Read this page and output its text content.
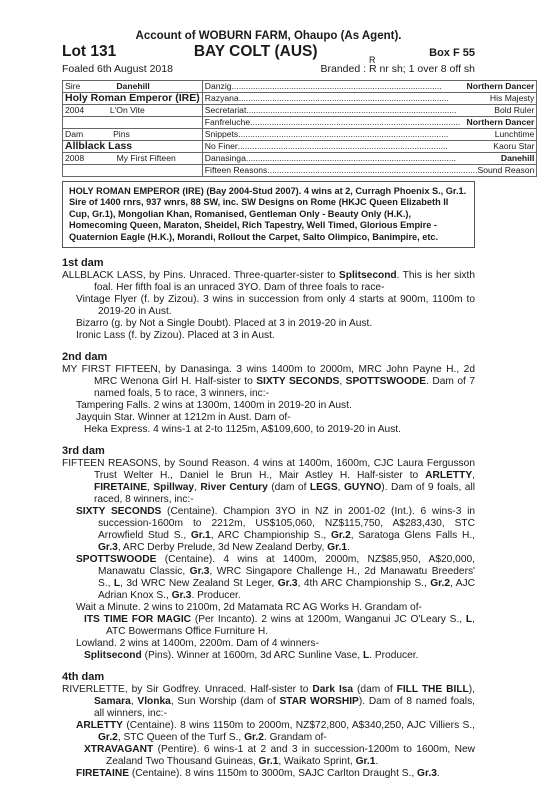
Account of WOBURN FARM, Ohaupo (As Agent).
Lot 131	BAY COLT (AUS)	Box F 55
Foaled 6th August 2018	Branded :
R
R nr sh; 1 over 8 off sh
Sire Danehill	Danzig ..... Northern Dancer

Holy Roman Emperor (IRE)	Razyana ..... His Majesty

2004 L'On Vite	Secretariat ..... Bold Ruler

	Fanfreluche ..... Northern Dancer

Dam Pins	Snippets ..... Lunchtime

Allblack Lass	No Finer ..... Kaoru Star

2008 My First Fifteen	Danasinga ..... Danehill

	Fifteen Reasons ..... Sound Reason
HOLY ROMAN EMPEROR (IRE) (Bay 2004-Stud 2007). 4 wins at 2, Curragh Phoenix S., Gr.1. Sire of 1400 rnrs, 937 wnrs, 88 SW, inc. SW Designs on Rome (HKJC Queen Elizabeth II Cup, Gr.1), Mongolian Khan, Romanised, Gentleman Only - Beauty Only (H.K.), Homecoming Queen, Maraton, Sheidel, Rich Tapestry, Well Timed, Glorious Empire - Quaternion Eagle (H.K.), Morandi, Rollout the Carpet, Salto Olimpico, Banimpire, etc.
1st dam
ALLBLACK LASS, by Pins. Unraced. Three-quarter-sister to Splitsecond. This is her sixth foal. Her fifth foal is an unraced 3YO. Dam of three foals to race-
Vintage Flyer (f. by Zizou). 3 wins in succession from only 4 starts at 900m, 1100m to 2019-20 in Aust.
Bizarro (g. by Not a Single Doubt). Placed at 3 in 2019-20 in Aust.
Ironic Lass (f. by Zizou). Placed at 3 in Aust.
2nd dam
MY FIRST FIFTEEN, by Danasinga. 3 wins 1400m to 2000m, MRC John Payne H., 2d MRC Wenona Girl H. Half-sister to SIXTY SECONDS, SPOTTSWOODE. Dam of 7 named foals, 5 to race, 3 winners, inc:-
Tampering Falls. 2 wins at 1300m, 1400m in 2019-20 in Aust.
Jayquin Star. Winner at 1212m in Aust. Dam of-
Heka Express. 4 wins-1 at 2-to 1125m, A$109,600, to 2019-20 in Aust.
3rd dam
FIFTEEN REASONS, by Sound Reason. 4 wins at 1400m, 1600m, CJC Laura Fergusson Trust Welter H., Daniel le Brun H., Mair Astley H. Half-sister to ARLETTY, FIRETAINE, Spillway, River Century (dam of LEGS, GUYNO). Dam of 9 foals, all raced, 8 winners, inc:-
SIXTY SECONDS (Centaine). Champion 3YO in NZ in 2001-02 (Int.). 6 wins-3 in succession-1600m to 2212m, US$105,060, NZ$115,750, A$283,430, STC Arrowfield Stud S., Gr.1, ARC Championship S., Gr.2, Saratoga Glens Falls H., Gr.3, ARC Derby Prelude, 3d New Zealand Derby, Gr.1.
SPOTTSWOODE (Centaine). 4 wins at 1400m, 2000m, NZ$85,950, A$20,000, Manawatu Classic, Gr.3, WRC Singapore Challenge H., 2d Manawatu Breeders' S., L, 3d WRC New Zealand St Leger, Gr.3, 4th ARC Championship S., Gr.2, AJC Adrian Knox S., Gr.3. Producer.
Wait a Minute. 2 wins to 2100m, 2d Matamata RC AG Works H. Grandam of-
ITS TIME FOR MAGIC (Per Incanto). 2 wins at 1200m, Wanganui JC O'Leary S., L, ATC Bowermans Office Furniture H.
Lowland. 2 wins at 1400m, 2200m. Dam of 4 winners-
Splitsecond (Pins). Winner at 1600m, 3d ARC Sunline Vase, L. Producer.
4th dam
RIVERLETTE, by Sir Godfrey. Unraced. Half-sister to Dark Isa (dam of FILL THE BILL), Samara, Vlonka, Sun Worship (dam of STAR WORSHIP). Dam of 8 named foals, all winners, inc:-
ARLETTY (Centaine). 8 wins 1150m to 2000m, NZ$72,800, A$340,250, AJC Villiers S., Gr.2, STC Queen of the Turf S., Gr.2. Grandam of-
XTRAVAGANT (Pentire). 6 wins-1 at 2 and 3 in succession-1200m to 1600m, New Zealand Two Thousand Guineas, Gr.1, Waikato Sprint, Gr.1.
FIRETAINE (Centaine). 8 wins 1150m to 3000m, SAJC Carlton Draught S., Gr.3.
